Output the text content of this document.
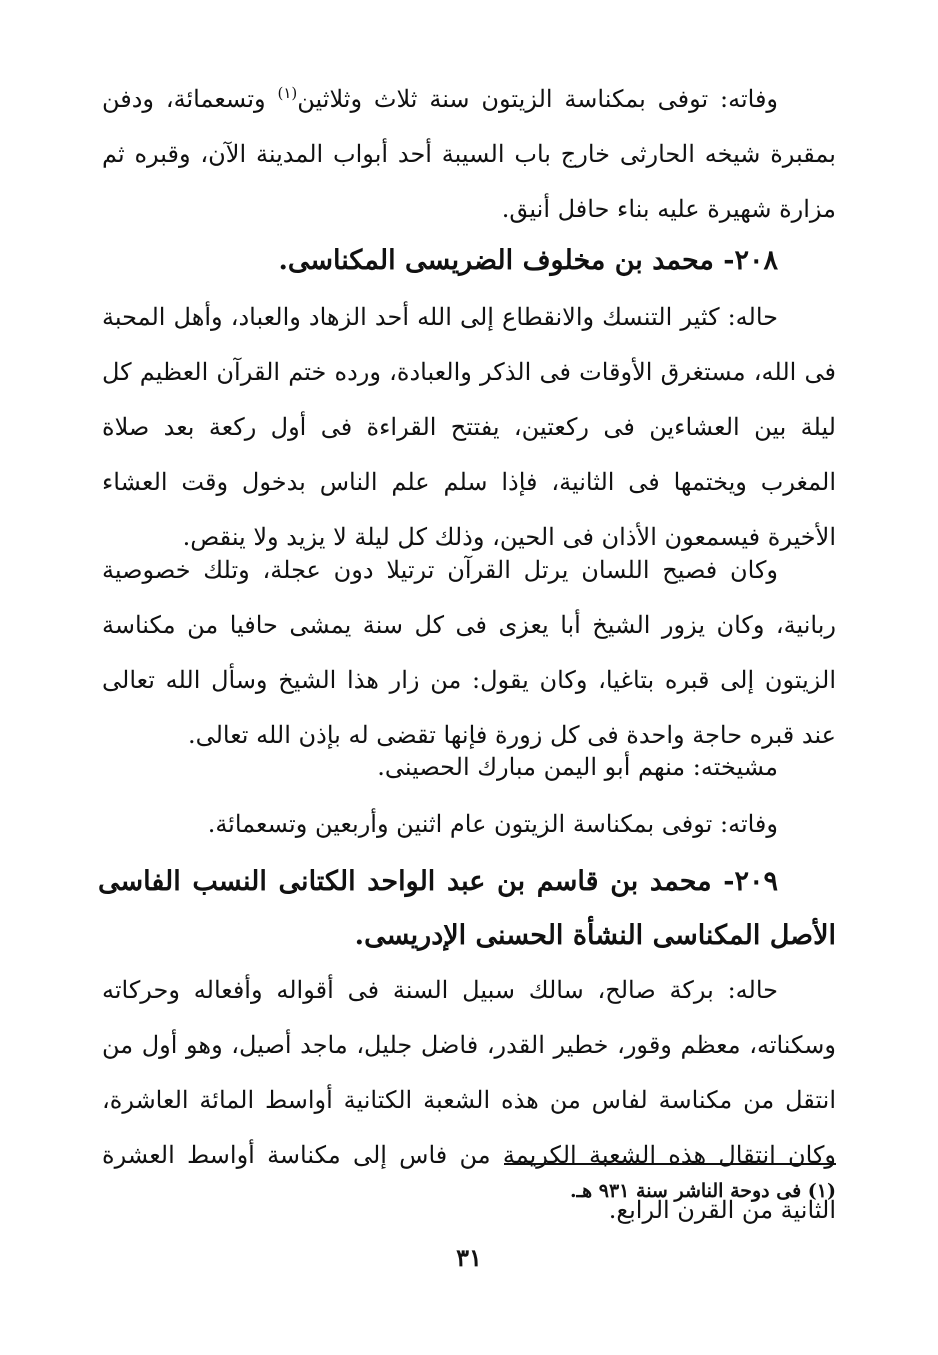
وفاته: توفى بمكناسة الزيتون سنة ثلاث وثلاثين$^{(١)}$ وتسعمائة، ودفن بمقبرة شيخه الحارثى خارج باب السيبة أحد أبواب المدينة الآن، وقبره ثم مزارة شهيرة عليه بناء حافل أنيق.

٢٠٨- محمد بن مخلوف الضريسى المكناسى.

حاله: كثير التنسك والانقطاع إلى الله أحد الزهاد والعباد، وأهل المحبة فى الله، مستغرق الأوقات فى الذكر والعبادة، ورده ختم القرآن العظيم كل ليلة بين العشاءين فى ركعتين، يفتتح القراءة فى أول ركعة بعد صلاة المغرب ويختمها فى الثانية، فإذا سلم علم الناس بدخول وقت العشاء الأخيرة فيسمعون الأذان فى الحين، وذلك كل ليلة لا يزيد ولا ينقص.

وكان فصيح اللسان يرتل القرآن ترتيلا دون عجلة، وتلك خصوصية ربانية، وكان يزور الشيخ أبا يعزى فى كل سنة يمشى حافيا من مكناسة الزيتون إلى قبره بتاغيا، وكان يقول: من زار هذا الشيخ وسأل الله تعالى عند قبره حاجة واحدة فى كل زورة فإنها تقضى له بإذن الله تعالى.

مشيخته: منهم أبو اليمن مبارك الحصينى.

وفاته: توفى بمكناسة الزيتون عام اثنين وأربعين وتسعمائة.

٢٠٩- محمد بن قاسم بن عبد الواحد الكتانى النسب الفاسى الأصل المكناسى النشأة الحسنى الإدريسى.

حاله: بركة صالح، سالك سبيل السنة فى أقواله وأفعاله وحركاته وسكناته، معظم وقور، خطير القدر، فاضل جليل، ماجد أصيل، وهو أول من انتقل من مكناسة لفاس من هذه الشعبة الكتانية أواسط المائة العاشرة، وكان انتقال هذه الشعبة الكريمة من فاس إلى مكناسة أواسط العشرة الثانية من القرن الرابع.

(١) فى دوحة الناشر سنة ٩٣١ هـ.
٣١
